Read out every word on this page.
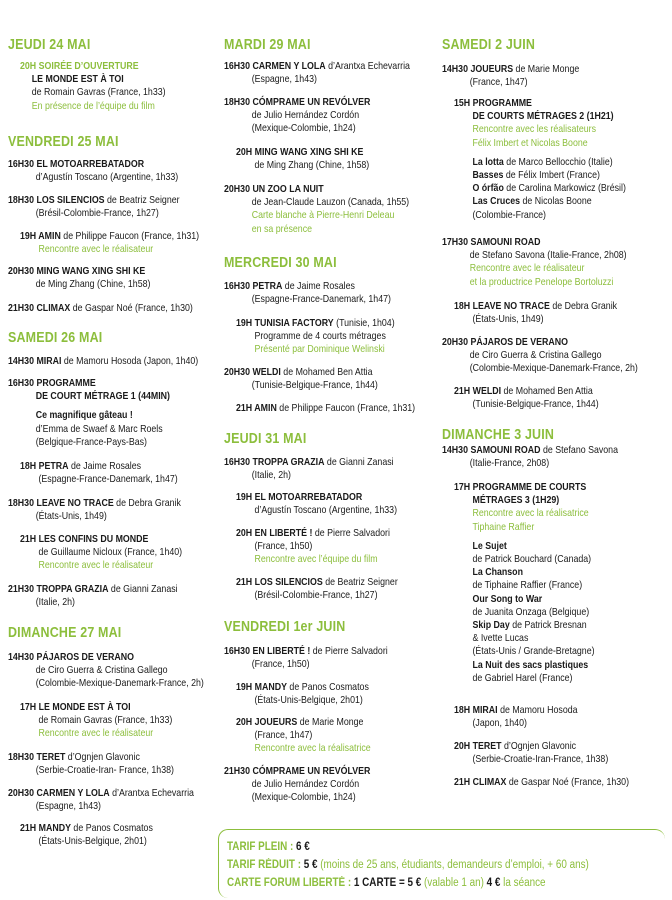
JEUDI 24 MAI
20H SOIRÉE D’OUVERTURE
LE MONDE EST À TOI
de Romain Gavras (France, 1h33)
En présence de l’équipe du film
VENDREDI 25 MAI
16H30 EL MOTOARREBATADOR
d’Agustín Toscano (Argentine, 1h33)
18H30 LOS SILENCIOS de Beatriz Seigner
(Brésil-Colombie-France, 1h27)
19H AMIN de Philippe Faucon (France, 1h31)
Rencontre avec le réalisateur
20H30 MING WANG XING SHI KE
de Ming Zhang (Chine, 1h58)
21H30 CLIMAX de Gaspar Noé (France, 1h30)
SAMEDI 26 MAI
14H30 MIRAI de Mamoru Hosoda (Japon, 1h40)
16H30 PROGRAMME
DE COURT MÉTRAGE 1 (44MIN)
Ce magnifique gâteau !
d’Emma de Swaef & Marc Roels
(Belgique-France-Pays-Bas)
18H PETRA de Jaime Rosales
(Espagne-France-Danemark, 1h47)
18H30 LEAVE NO TRACE de Debra Granik
(États-Unis, 1h49)
21H LES CONFINS DU MONDE
de Guillaume Nicloux (France, 1h40)
Rencontre avec le réalisateur
21H30 TROPPA GRAZIA de Gianni Zanasi
(Italie, 2h)
DIMANCHE 27 MAI
14H30 PÁJAROS DE VERANO
de Ciro Guerra & Cristina Gallego
(Colombie-Mexique-Danemark-France, 2h)
17H LE MONDE EST À TOI
de Romain Gavras (France, 1h33)
Rencontre avec le réalisateur
18H30 TERET d’Ognjen Glavonic
(Serbie-Croatie-Iran- France, 1h38)
20H30 CARMEN Y LOLA d’Arantxa Echevarria
(Espagne, 1h43)
21H MANDY de Panos Cosmatos
(États-Unis-Belgique, 2h01)
MARDI 29 MAI
16H30 CARMEN Y LOLA d’Arantxa Echevarria
(Espagne, 1h43)
18H30 CÓMPRAME UN REVÓLVER
de Julio Hernández Cordón
(Mexique-Colombie, 1h24)
20H MING WANG XING SHI KE
de Ming Zhang (Chine, 1h58)
20H30 UN ZOO LA NUIT
de Jean-Claude Lauzon (Canada, 1h55)
Carte blanche à Pierre-Henri Deleau
en sa présence
MERCREDI 30 MAI
16H30 PETRA de Jaime Rosales
(Espagne-France-Danemark, 1h47)
19H TUNISIA FACTORY (Tunisie, 1h04)
Programme de 4 courts métrages
Présenté par Dominique Welinski
20H30 WELDI de Mohamed Ben Attia
(Tunisie-Belgique-France, 1h44)
21H AMIN de Philippe Faucon (France, 1h31)
JEUDI 31 MAI
16H30 TROPPA GRAZIA de Gianni Zanasi
(Italie, 2h)
19H EL MOTOARREBATADOR
d’Agustín Toscano (Argentine, 1h33)
20H EN LIBERTÉ ! de Pierre Salvadori
(France, 1h50)
Rencontre avec l’équipe du film
21H LOS SILENCIOS de Beatriz Seigner
(Brésil-Colombie-France, 1h27)
VENDREDI 1er JUIN
16H30 EN LIBERTÉ ! de Pierre Salvadori
(France, 1h50)
19H MANDY de Panos Cosmatos
(États-Unis-Belgique, 2h01)
20H JOUEURS de Marie Monge
(France, 1h47)
Rencontre avec la réalisatrice
21H30 CÓMPRAME UN REVÓLVER
de Julio Hernández Cordón
(Mexique-Colombie, 1h24)
SAMEDI 2 JUIN
14H30 JOUEURS de Marie Monge
(France, 1h47)
15H PROGRAMME
DE COURTS MÉTRAGES 2 (1H21)
Rencontre avec les réalisateurs
Félix Imbert et Nicolas Boone
La lotta de Marco Bellocchio (Italie)
Basses de Félix Imbert (France)
O órfão de Carolina Markowicz (Brésil)
Las Cruces de Nicolas Boone
(Colombie-France)
17H30 SAMOUNI ROAD
de Stefano Savona (Italie-France, 2h08)
Rencontre avec le réalisateur
et la productrice Penelope Bortoluzzi
18H LEAVE NO TRACE de Debra Granik
(États-Unis, 1h49)
20H30 PÁJAROS DE VERANO
de Ciro Guerra & Cristina Gallego
(Colombie-Mexique-Danemark-France, 2h)
21H WELDI de Mohamed Ben Attia
(Tunisie-Belgique-France, 1h44)
DIMANCHE 3 JUIN
14H30 SAMOUNI ROAD de Stefano Savona
(Italie-France, 2h08)
17H PROGRAMME DE COURTS
MÉTRAGES 3 (1H29)
Rencontre avec la réalisatrice
Tiphaine Raffier
Le Sujet
de Patrick Bouchard (Canada)
La Chanson
de Tiphaine Raffier (France)
Our Song to War
de Juanita Onzaga (Belgique)
Skip Day de Patrick Bresnan
& Ivette Lucas
(États-Unis / Grande-Bretagne)
La Nuit des sacs plastiques
de Gabriel Harel (France)
18H MIRAI de Mamoru Hosoda
(Japon, 1h40)
20H TERET d’Ognjen Glavonic
(Serbie-Croatie-Iran-France, 1h38)
21H CLIMAX de Gaspar Noé (France, 1h30)
TARIF PLEIN : 6 €
TARIF RÉDUIT : 5 € (moins de 25 ans, étudiants, demandeurs d’emploi, + 60 ans)
CARTE FORUM LIBERTÉ : 1 CARTE = 5 € (valable 1 an) 4 € la séance
